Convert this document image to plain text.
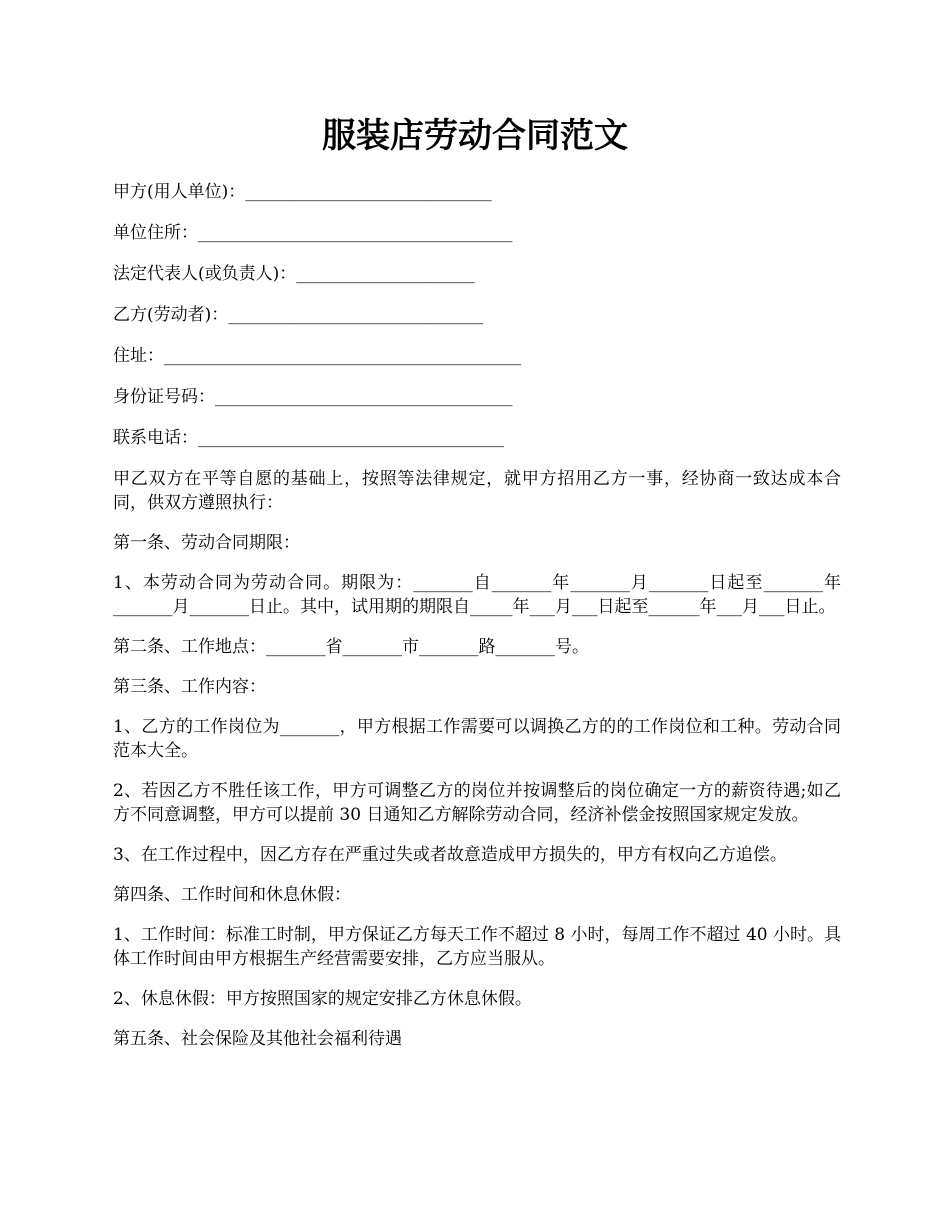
服装店劳动合同范文

甲方(用人单位)：_____________________________

单位住所：_____________________________________

法定代表人(或负责人)：_____________________

乙方(劳动者)：______________________________

住址：__________________________________________

身份证号码：___________________________________

联系电话：____________________________________

甲乙双方在平等自愿的基础上，按照等法律规定，就甲方招用乙方一事，经协商一致达成本合同，供双方遵照执行：

第一条、劳动合同期限：

1、本劳动合同为劳动合同。期限为：_______自_______年_______月_______日起至_______年_______月_______日止。其中，试用期的期限自_____年___月___日起至______年___月___日止。

第二条、工作地点：_______省_______市_______路_______号。

第三条、工作内容：

1、乙方的工作岗位为_______，甲方根据工作需要可以调换乙方的的工作岗位和工种。劳动合同范本大全。

2、若因乙方不胜任该工作，甲方可调整乙方的岗位并按调整后的岗位确定一方的薪资待遇;如乙方不同意调整，甲方可以提前 30 日通知乙方解除劳动合同，经济补偿金按照国家规定发放。

3、在工作过程中，因乙方存在严重过失或者故意造成甲方损失的，甲方有权向乙方追偿。

第四条、工作时间和休息休假：

1、工作时间：标准工时制，甲方保证乙方每天工作不超过 8 小时，每周工作不超过 40 小时。具体工作时间由甲方根据生产经营需要安排，乙方应当服从。

2、休息休假：甲方按照国家的规定安排乙方休息休假。

第五条、社会保险及其他社会福利待遇
